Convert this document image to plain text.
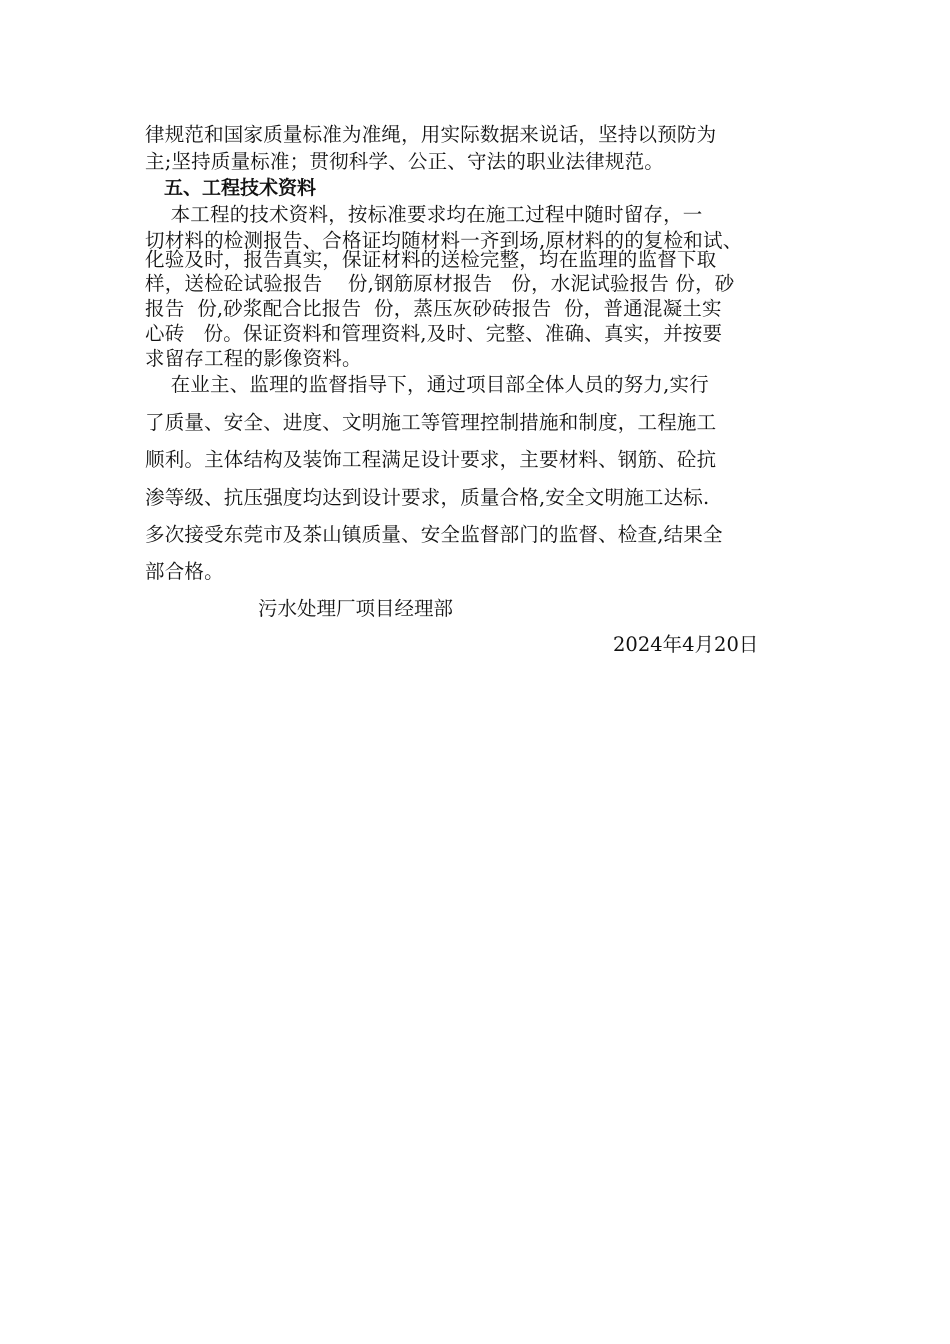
律规范和国家质量标准为准绳，用实际数据来说话，坚持以预防为
主;坚持质量标准；贯彻科学、公正、守法的职业法律规范。
五、工程技术资料
本工程的技术资料，按标准要求均在施工过程中随时留存，一
切材料的检测报告、合格证均随材料一齐到场,原材料的的复检和试、
化验及时，报告真实，保证材料的送检完整，均在监理的监督下取
样，送检砼试验报告    份,钢筋原材报告   份，水泥试验报告 份，砂
报告  份,砂浆配合比报告  份，蒸压灰砂砖报告  份，普通混凝土实
心砖   份。保证资料和管理资料,及时、完整、准确、真实，并按要
求留存工程的影像资料。
在业主、监理的监督指导下，通过项目部全体人员的努力,实行
了质量、安全、进度、文明施工等管理控制措施和制度，工程施工
顺利。主体结构及装饰工程满足设计要求，主要材料、钢筋、砼抗
渗等级、抗压强度均达到设计要求，质量合格,安全文明施工达标.
多次接受东莞市及茶山镇质量、安全监督部门的监督、检查,结果全
部合格。
污水处理厂项目经理部
2024年4月20日
